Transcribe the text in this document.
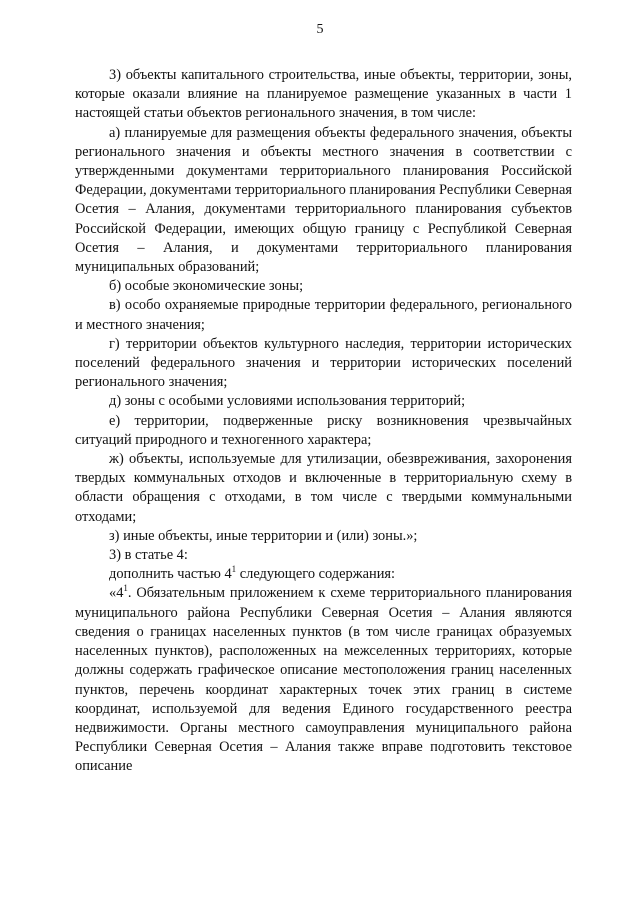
5

3) объекты капитального строительства, иные объекты, территории, зоны, которые оказали влияние на планируемое размещение указанных в части 1 настоящей статьи объектов регионального значения, в том числе:

а) планируемые для размещения объекты федерального значения, объекты регионального значения и объекты местного значения в соответствии с утвержденными документами территориального планирования Российской Федерации, документами территориального планирования Республики Северная Осетия – Алания, документами территориального планирования субъектов Российской Федерации, имеющих общую границу с Республикой Северная Осетия – Алания, и документами территориального планирования муниципальных образований;

б) особые экономические зоны;

в) особо охраняемые природные территории федерального, регионального и местного значения;

г) территории объектов культурного наследия, территории исторических поселений федерального значения и территории исторических поселений регионального значения;

д) зоны с особыми условиями использования территорий;

е) территории, подверженные риску возникновения чрезвычайных ситуаций природного и техногенного характера;

ж) объекты, используемые для утилизации, обезвреживания, захоронения твердых коммунальных отходов и включенные в территориальную схему в области обращения с отходами, в том числе с твердыми коммунальными отходами;

з) иные объекты, иные территории и (или) зоны.»;

3) в статье 4:

дополнить частью $4^1$ следующего содержания:

«$4^1$. Обязательным приложением к схеме территориального планирования муниципального района Республики Северная Осетия – Алания являются сведения о границах населенных пунктов (в том числе границах образуемых населенных пунктов), расположенных на межселенных территориях, которые должны содержать графическое описание местоположения границ населенных пунктов, перечень координат характерных точек этих границ в системе координат, используемой для ведения Единого государственного реестра недвижимости. Органы местного самоуправления муниципального района Республики Северная Осетия – Алания также вправе подготовить текстовое описание
